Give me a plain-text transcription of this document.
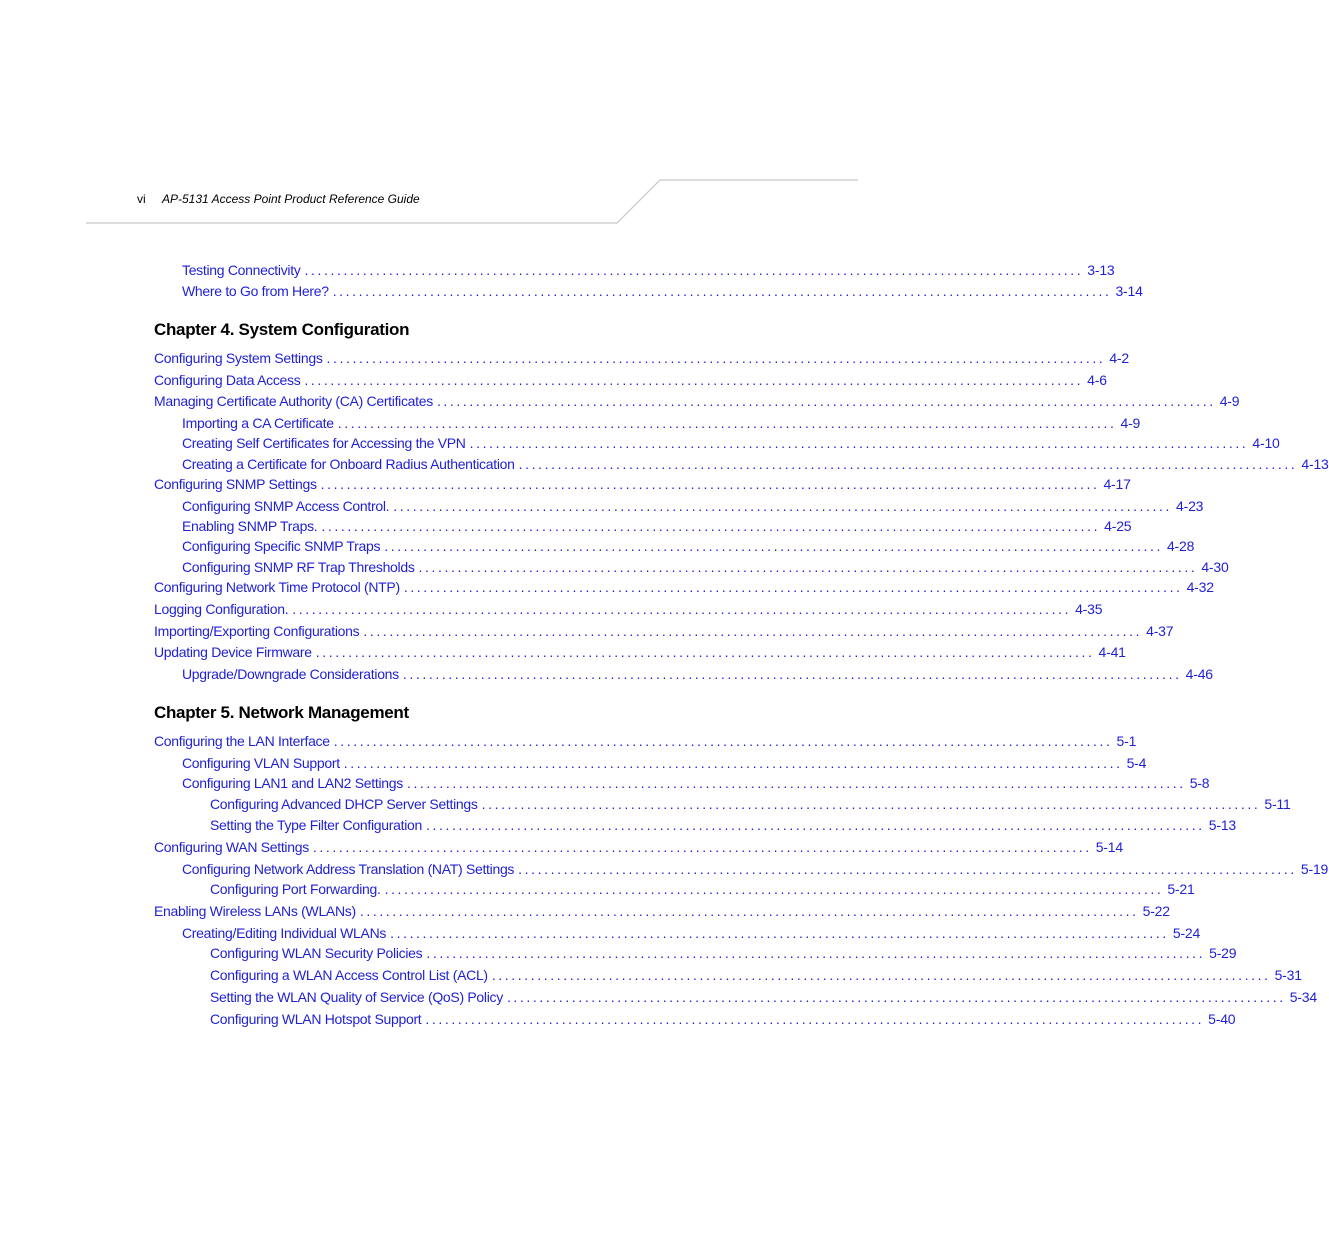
vi AP-5131 Access Point Product Reference Guide
Testing Connectivity ........................................................................................................................ 3-13
Where to Go from Here? ........................................................................................................................ 3-14
Chapter 4. System Configuration
Configuring System Settings ........................................................................................................................ 4-2
Configuring Data Access ........................................................................................................................ 4-6
Managing Certificate Authority (CA) Certificates ........................................................................................................................ 4-9
Importing a CA Certificate ........................................................................................................................ 4-9
Creating Self Certificates for Accessing the VPN ........................................................................................................................ 4-10
Creating a Certificate for Onboard Radius Authentication ........................................................................................................................ 4-13
Configuring SNMP Settings ........................................................................................................................ 4-17
Configuring SNMP Access Control. ........................................................................................................................ 4-23
Enabling SNMP Traps. ........................................................................................................................ 4-25
Configuring Specific SNMP Traps ........................................................................................................................ 4-28
Configuring SNMP RF Trap Thresholds ........................................................................................................................ 4-30
Configuring Network Time Protocol (NTP) ........................................................................................................................ 4-32
Logging Configuration. ........................................................................................................................ 4-35
Importing/Exporting Configurations ........................................................................................................................ 4-37
Updating Device Firmware ........................................................................................................................ 4-41
Upgrade/Downgrade Considerations ........................................................................................................................ 4-46
Chapter 5. Network Management
Configuring the LAN Interface ........................................................................................................................ 5-1
Configuring VLAN Support ........................................................................................................................ 5-4
Configuring LAN1 and LAN2 Settings ........................................................................................................................ 5-8
Configuring Advanced DHCP Server Settings ........................................................................................................................ 5-11
Setting the Type Filter Configuration ........................................................................................................................ 5-13
Configuring WAN Settings ........................................................................................................................ 5-14
Configuring Network Address Translation (NAT) Settings ........................................................................................................................ 5-19
Configuring Port Forwarding. ........................................................................................................................ 5-21
Enabling Wireless LANs (WLANs) ........................................................................................................................ 5-22
Creating/Editing Individual WLANs ........................................................................................................................ 5-24
Configuring WLAN Security Policies ........................................................................................................................ 5-29
Configuring a WLAN Access Control List (ACL) ........................................................................................................................ 5-31
Setting the WLAN Quality of Service (QoS) Policy ........................................................................................................................ 5-34
Configuring WLAN Hotspot Support ........................................................................................................................ 5-40
